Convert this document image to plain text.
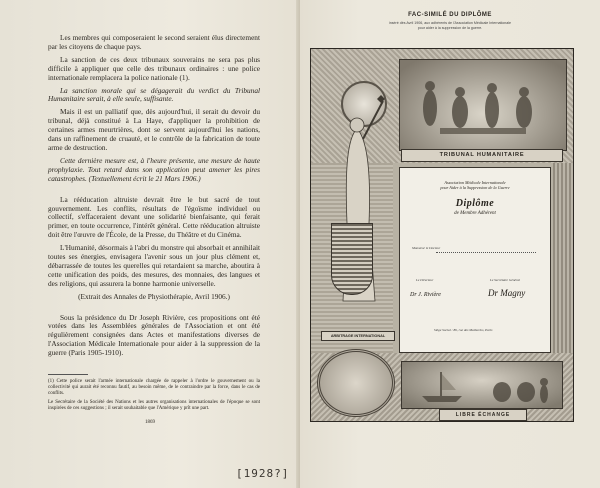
Les membres qui composeraient le second seraient élus directement par les citoyens de chaque pays.

La sanction de ces deux tribunaux souverains ne sera pas plus difficile à appliquer que celle des tribunaux ordinaires : une police internationale remplacera la police nationale (1).

La sanction morale qui se dégagerait du verdict du Tribunal Humanitaire serait, à elle seule, suffisante.

Mais il est un palliatif que, dès aujourd'hui, il serait du devoir du tribunal, déjà constitué à La Haye, d'appliquer la prohibition de certaines armes meurtrières, dont se servent aujourd'hui les nations, dans un raffinement de cruauté, et le contrôle de la fabrication de toute arme de destruction.

Cette dernière mesure est, à l'heure présente, une mesure de haute prophylaxie. Tout retard dans son application peut amener les pires catastrophes. (Textuellement écrit le 21 Mars 1906.)

La rééducation altruiste devrait être le but sacré de tout gouvernement. Les conflits, résultats de l'égoïsme individuel ou collectif, s'effaceraient devant une solidarité bienfaisante, qui ferait primer, en toute occurrence, l'intérêt général. Cette rééducation altruiste doit être l'œuvre de l'École, de la Presse, du Théâtre et du Cinéma.

L'Humanité, désormais à l'abri du monstre qui absorbait et annihilait toutes ses énergies, envisagera l'avenir sous un jour plus clément et, débarrassée de toutes les querelles qui retardaient sa marche, aboutira à cette unification des poids, des mesures, des monnaies, des langues et des religions, qui assurera la bonne harmonie universelle.

(Extrait des Annales de Physiothérapie, Avril 1906.)

Sous la présidence du Dr Joseph Rivière, ces propositions ont été votées dans les Assemblées générales de l'Association et ont été régulièrement consignées dans Actes et manifestations diverses de l'Association Médicale Internationale pour aider à la suppression de la guerre (Paris 1905-1910).

(1) Cette police serait l'armée internationale chargée de rappeler à l'ordre le gouvernement ou la collectivité qui aurait été reconnu fautif, au besoin même, de le contraindre par la force, dans le cas de conflits.

Le Secrétaire de la Société des Nations et les autres organisations internationales de l'époque se sont inspirées de ces suggestions ; il serait souhaitable que l'Amérique y prît une part.

1869
[1928?]
FAC-SIMILÉ DU DIPLÔME
inséré dès Avril 1906, aux adhérents de l'Association Médicale Internationale
pour aider à la suppression de la guerre.
TRIBUNAL HUMANITAIRE
Association Médicale Internationale
pour Aider à la Suppression de la Guerre
Diplôme
de Membre Adhérent
Monsieur le Docteur
Le Directeur	Le Secrétaire Général
Dr J. Rivière	Dr Magny
Siège Social : 86, rue des Mathurins, Paris
ARBITRAGE INTERNATIONAL
LIBRE ÉCHANGE
